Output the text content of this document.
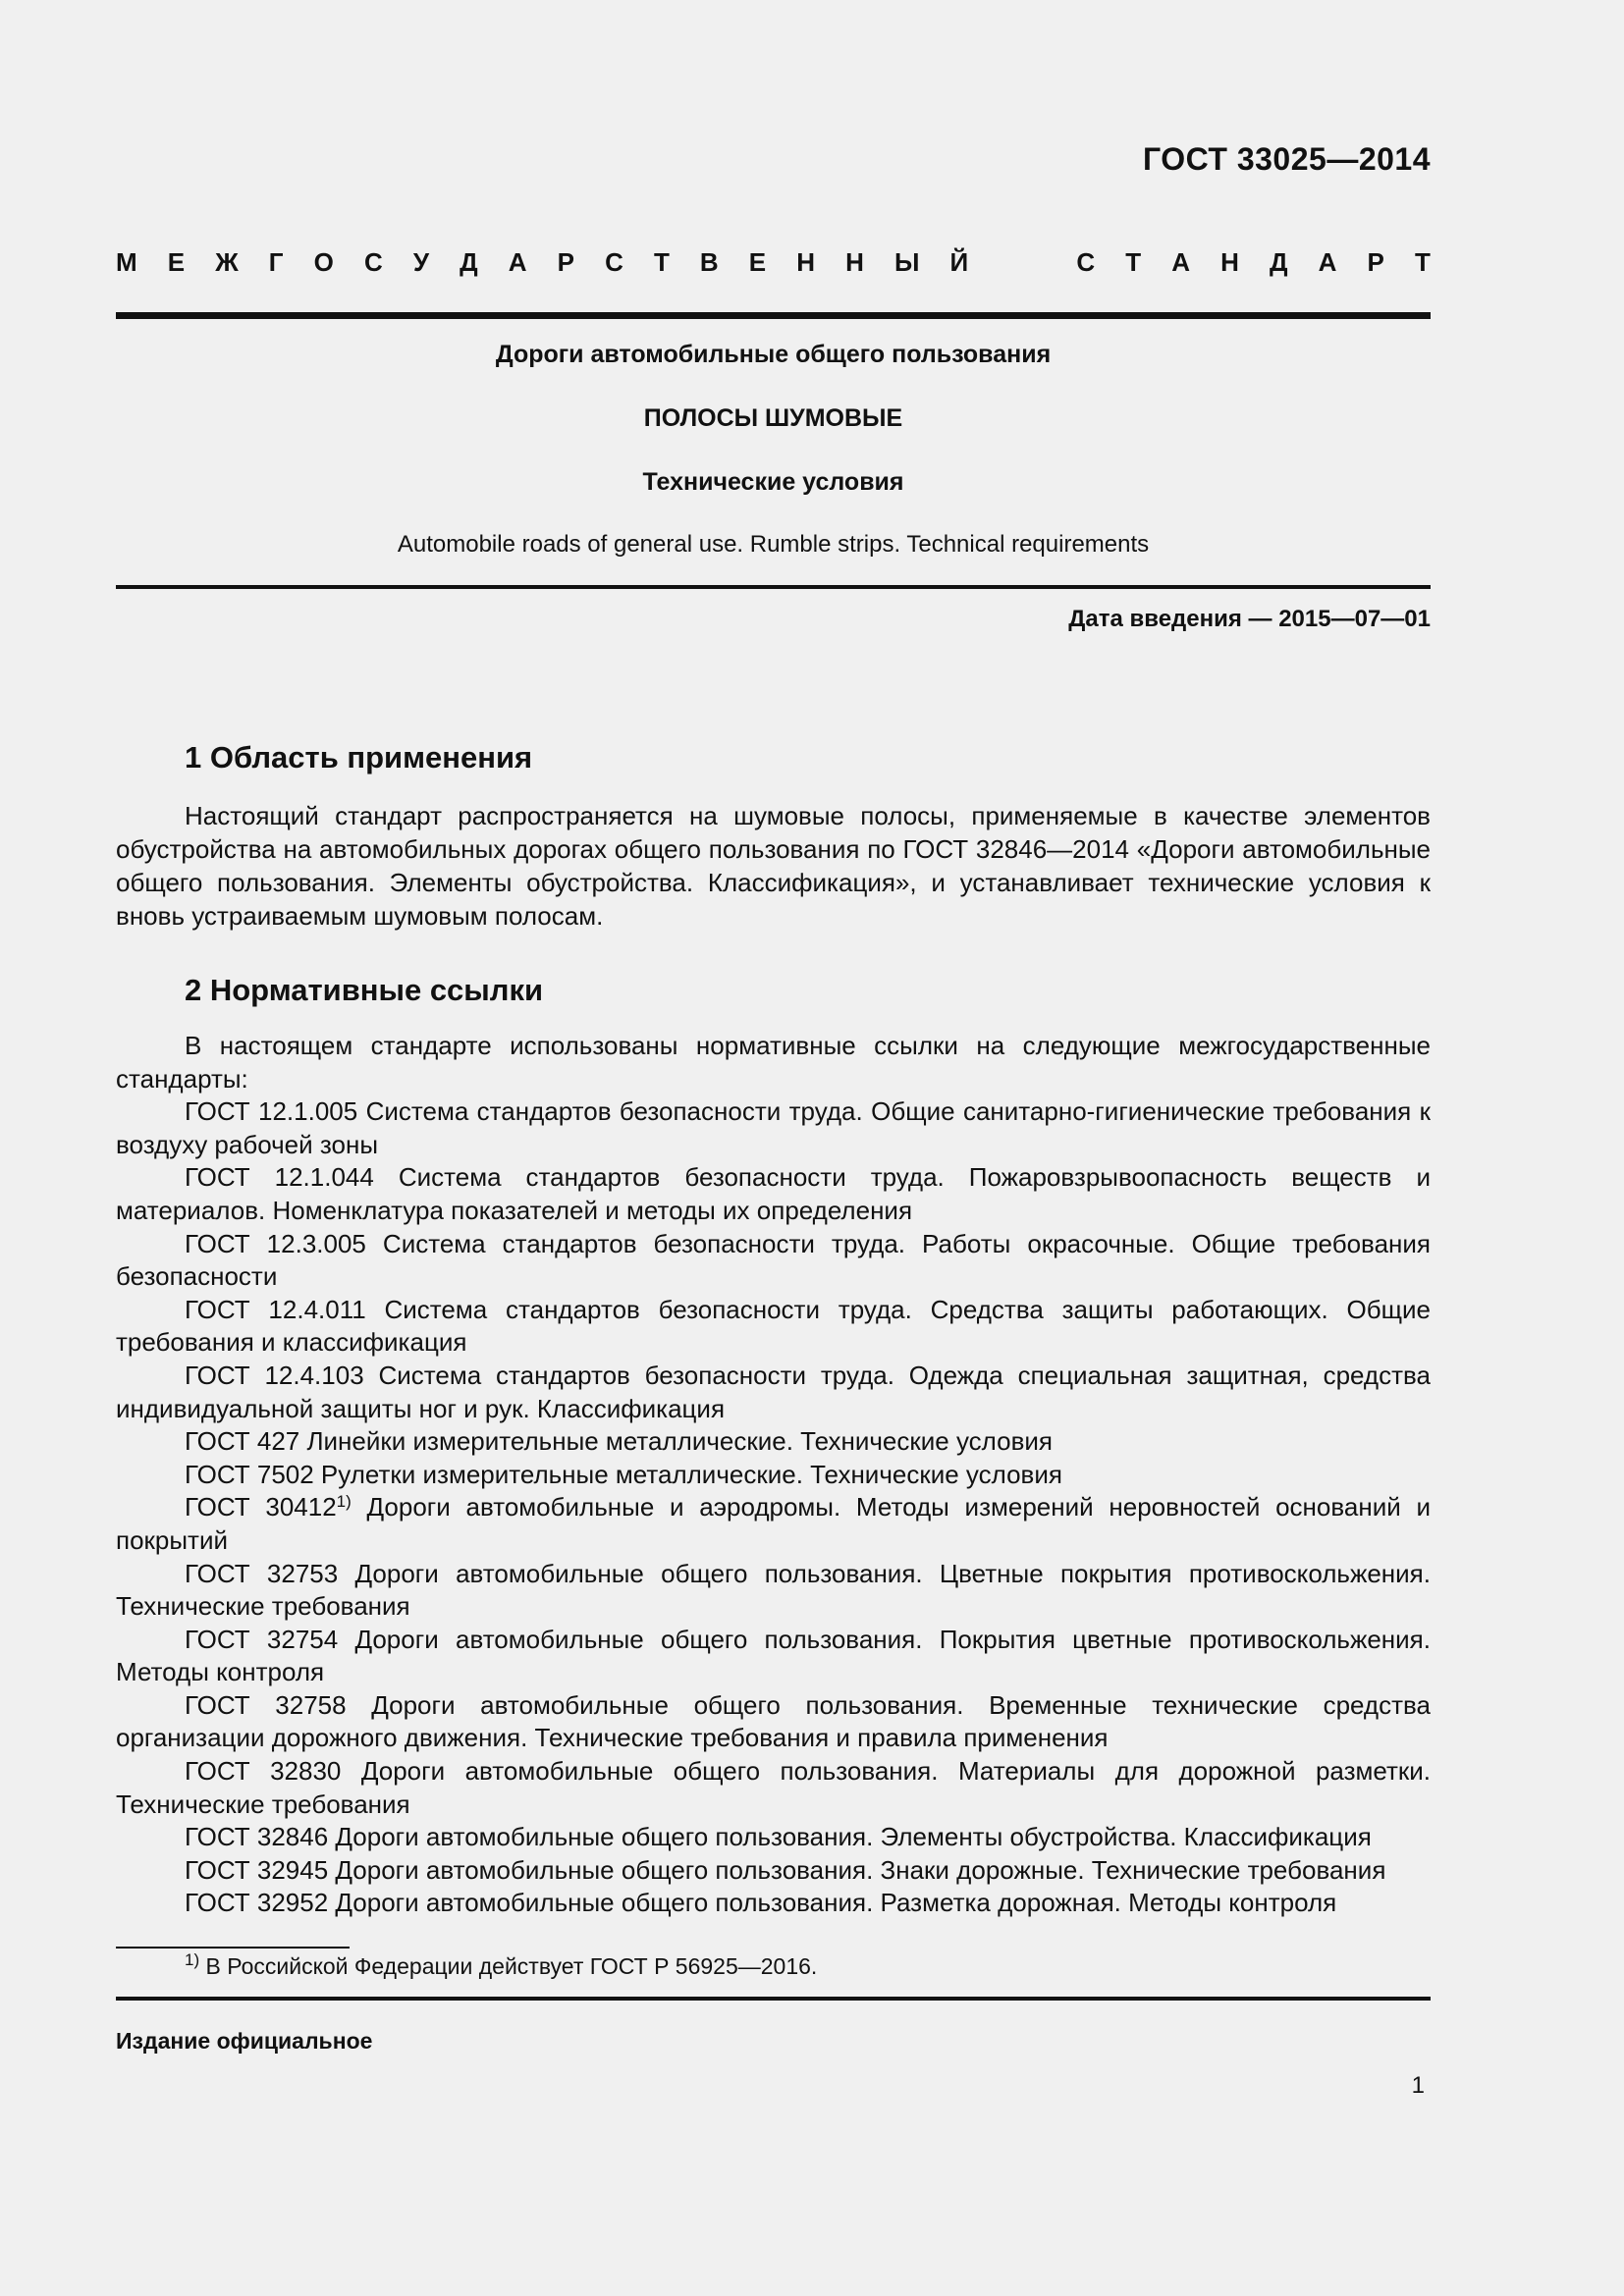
ГОСТ 33025—2014
М Е Ж Г О С У Д А Р С Т В Е Н Н Ы Й	С Т А Н Д А Р Т
Дороги автомобильные общего пользования
ПОЛОСЫ ШУМОВЫЕ
Технические условия
Automobile roads of general use. Rumble strips. Technical requirements
Дата введения — 2015—07—01
1 Область применения

Настоящий стандарт распространяется на шумовые полосы, применяемые в качестве элементов обустройства на автомобильных дорогах общего пользования по ГОСТ 32846—2014 «Дороги автомобильные общего пользования. Элементы обустройства. Классификация», и устанавливает технические условия к вновь устраиваемым шумовым полосам.

2 Нормативные ссылки

В настоящем стандарте использованы нормативные ссылки на следующие межгосударственные стандарты:

ГОСТ 12.1.005 Система стандартов безопасности труда. Общие санитарно-гигиенические требования к воздуху рабочей зоны

ГОСТ 12.1.044 Система стандартов безопасности труда. Пожаровзрывоопасность веществ и материалов. Номенклатура показателей и методы их определения

ГОСТ 12.3.005 Система стандартов безопасности труда. Работы окрасочные. Общие требования безопасности

ГОСТ 12.4.011 Система стандартов безопасности труда. Средства защиты работающих. Общие требования и классификация

ГОСТ 12.4.103 Система стандартов безопасности труда. Одежда специальная защитная, средства индивидуальной защиты ног и рук. Классификация

ГОСТ 427 Линейки измерительные металлические. Технические условия

ГОСТ 7502 Рулетки измерительные металлические. Технические условия

ГОСТ 30412$^{1)}$ Дороги автомобильные и аэродромы. Методы измерений неровностей оснований и покрытий

ГОСТ 32753 Дороги автомобильные общего пользования. Цветные покрытия противоскольжения. Технические требования

ГОСТ 32754 Дороги автомобильные общего пользования. Покрытия цветные противоскольжения. Методы контроля

ГОСТ 32758 Дороги автомобильные общего пользования. Временные технические средства организации дорожного движения. Технические требования и правила применения

ГОСТ 32830 Дороги автомобильные общего пользования. Материалы для дорожной разметки. Технические требования

ГОСТ 32846 Дороги автомобильные общего пользования. Элементы обустройства. Классификация

ГОСТ 32945 Дороги автомобильные общего пользования. Знаки дорожные. Технические требования

ГОСТ 32952 Дороги автомобильные общего пользования. Разметка дорожная. Методы контроля

$^{1)}$ В Российской Федерации действует ГОСТ Р 56925—2016.
Издание официальное
1
